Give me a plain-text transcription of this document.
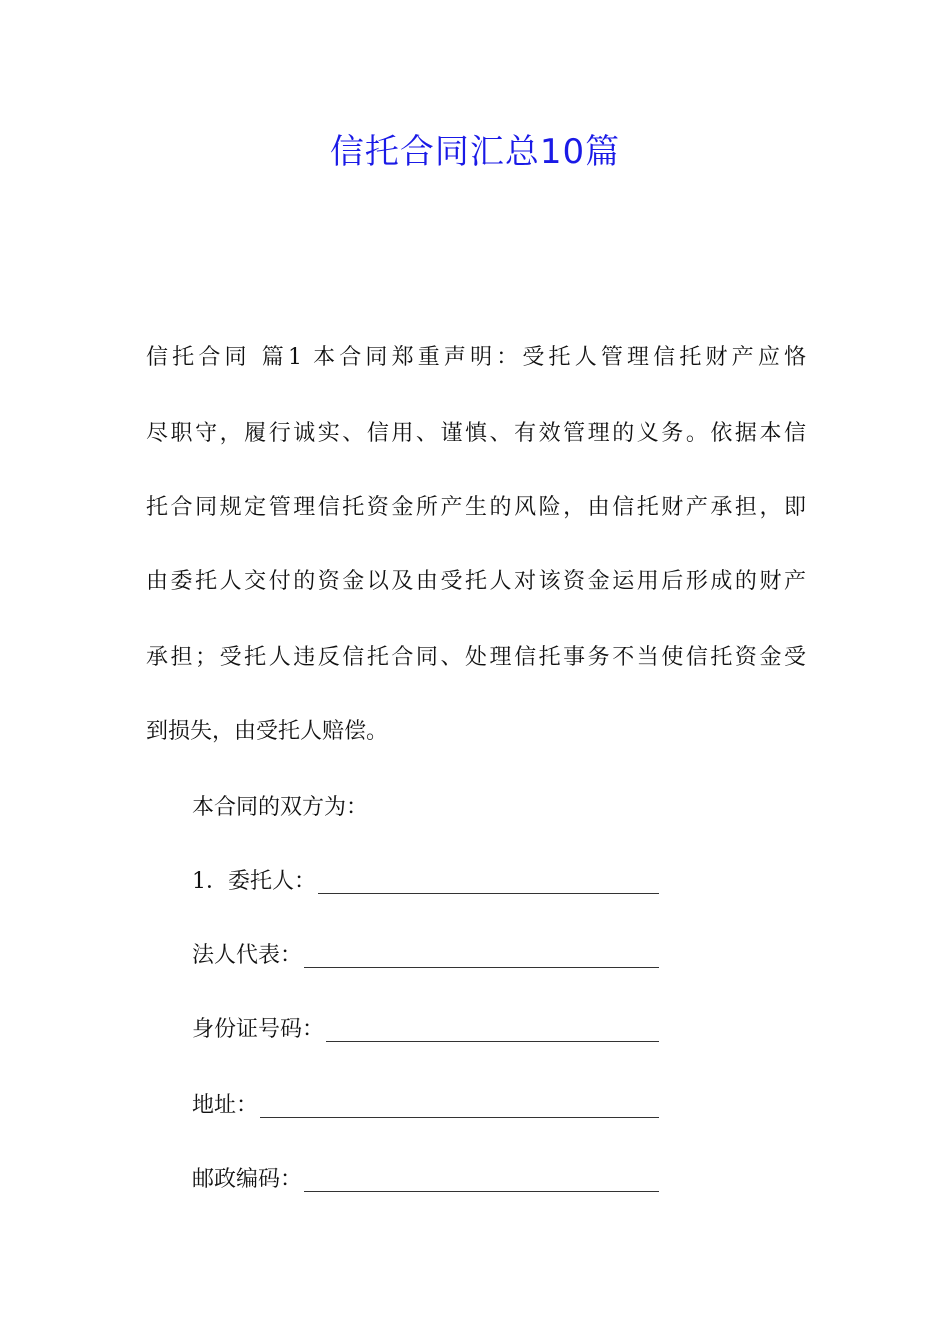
信托合同汇总10篇
信托合同 篇1 本合同郑重声明：受托人管理信托财产应恪
尽职守，履行诚实、信用、谨慎、有效管理的义务。依据本信
托合同规定管理信托资金所产生的风险，由信托财产承担，即
由委托人交付的资金以及由受托人对该资金运用后形成的财产
承担；受托人违反信托合同、处理信托事务不当使信托资金受
到损失，由受托人赔偿。
本合同的双方为：
1．委托人：
法人代表：
身份证号码：
地址：
邮政编码：
